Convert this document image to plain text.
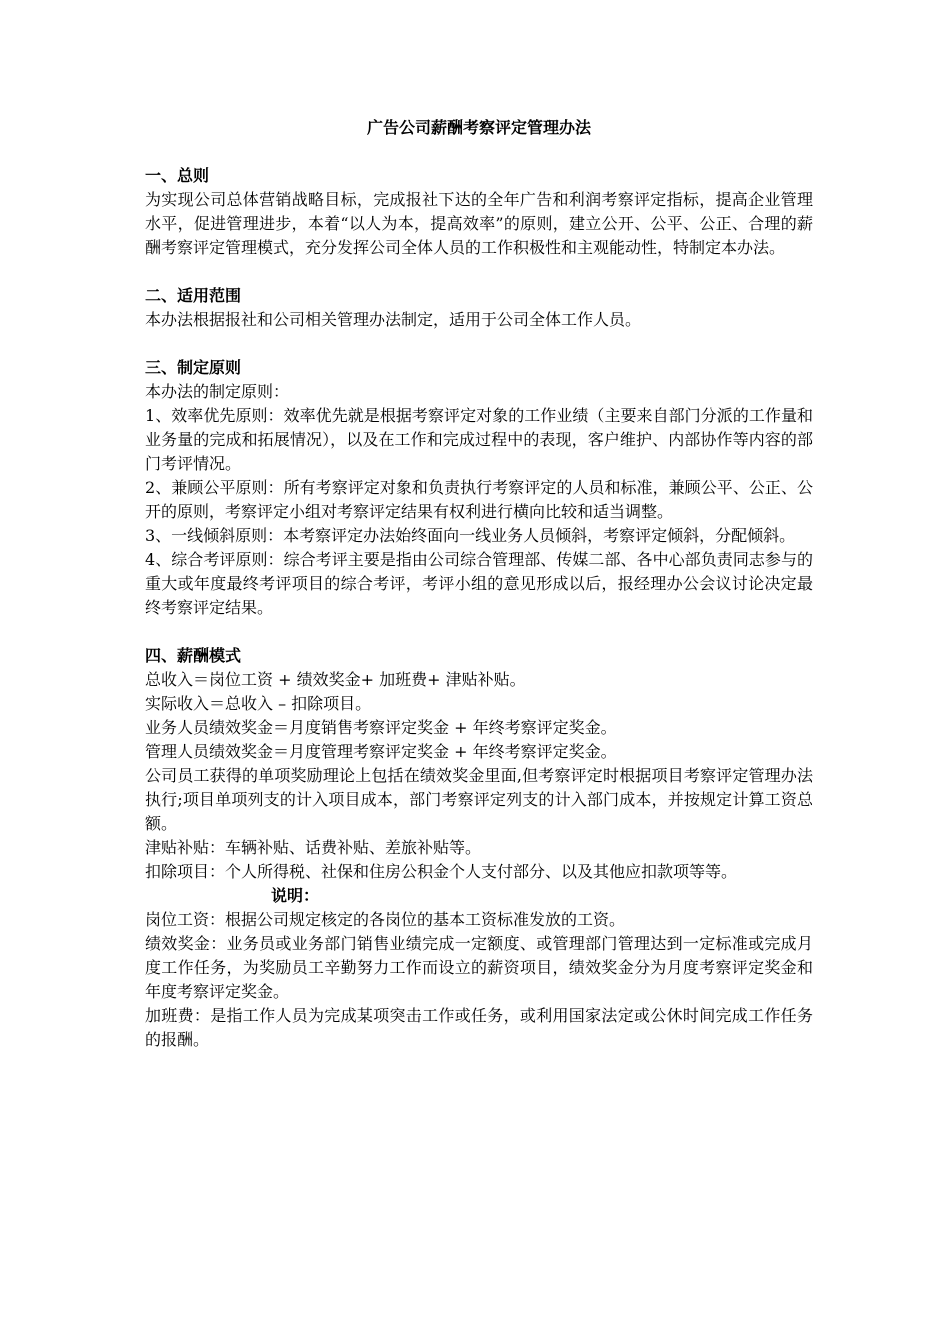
广告公司薪酬考察评定管理办法
一、总则
为实现公司总体营销战略目标，完成报社下达的全年广告和利润考察评定指标，提高企业管理水平，促进管理进步，本着“以人为本，提高效率”的原则，建立公开、公平、公正、合理的薪酬考察评定管理模式，充分发挥公司全体人员的工作积极性和主观能动性，特制定本办法。
二、适用范围
本办法根据报社和公司相关管理办法制定，适用于公司全体工作人员。
三、制定原则
本办法的制定原则：
1、效率优先原则：效率优先就是根据考察评定对象的工作业绩（主要来自部门分派的工作量和业务量的完成和拓展情况），以及在工作和完成过程中的表现，客户维护、内部协作等内容的部门考评情况。
2、兼顾公平原则：所有考察评定对象和负责执行考察评定的人员和标准，兼顾公平、公正、公开的原则，考察评定小组对考察评定结果有权利进行横向比较和适当调整。
3、一线倾斜原则：本考察评定办法始终面向一线业务人员倾斜，考察评定倾斜，分配倾斜。
4、综合考评原则：综合考评主要是指由公司综合管理部、传媒二部、各中心部负责同志参与的重大或年度最终考评项目的综合考评，考评小组的意见形成以后，报经理办公会议讨论决定最终考察评定结果。
四、薪酬模式
总收入＝岗位工资 + 绩效奖金+ 加班费+ 津贴补贴。
实际收入＝总收入 – 扣除项目。
业务人员绩效奖金＝月度销售考察评定奖金 + 年终考察评定奖金。
管理人员绩效奖金＝月度管理考察评定奖金 + 年终考察评定奖金。
公司员工获得的单项奖励理论上包括在绩效奖金里面,但考察评定时根据项目考察评定管理办法执行;项目单项列支的计入项目成本，部门考察评定列支的计入部门成本，并按规定计算工资总额。
津贴补贴：车辆补贴、话费补贴、差旅补贴等。
扣除项目：个人所得税、社保和住房公积金个人支付部分、以及其他应扣款项等等。
说明：
岗位工资：根据公司规定核定的各岗位的基本工资标准发放的工资。
绩效奖金：业务员或业务部门销售业绩完成一定额度、或管理部门管理达到一定标准或完成月度工作任务，为奖励员工辛勤努力工作而设立的薪资项目，绩效奖金分为月度考察评定奖金和年度考察评定奖金。
加班费：是指工作人员为完成某项突击工作或任务，或利用国家法定或公休时间完成工作任务的报酬。
